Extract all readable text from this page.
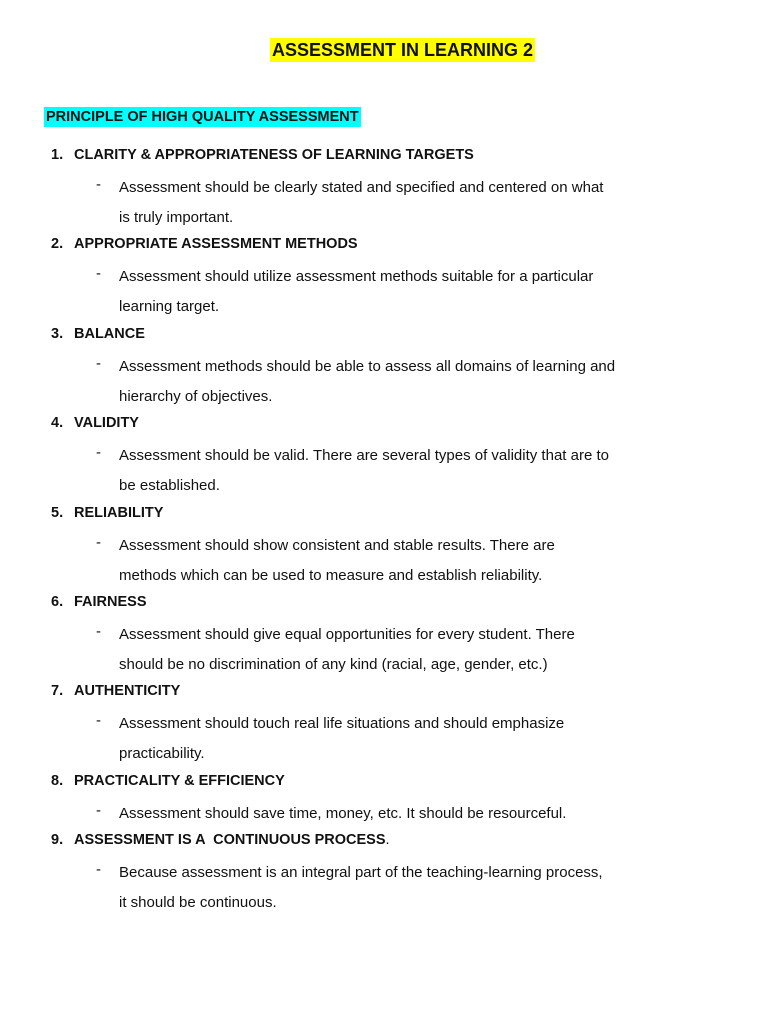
ASSESSMENT IN LEARNING 2
PRINCIPLE OF HIGH QUALITY ASSESSMENT
1. CLARITY & APPROPRIATENESS OF LEARNING TARGETS
- Assessment should be clearly stated and specified and centered on what
is truly important.
2. APPROPRIATE ASSESSMENT METHODS
- Assessment should utilize assessment methods suitable for a particular
learning target.
3. BALANCE
- Assessment methods should be able to assess all domains of learning and
hierarchy of objectives.
4. VALIDITY
- Assessment should be valid. There are several types of validity that are to
be established.
5. RELIABILITY
- Assessment should show consistent and stable results. There are
methods which can be used to measure and establish reliability.
6. FAIRNESS
- Assessment should give equal opportunities for every student. There
should be no discrimination of any kind (racial, age, gender, etc.)
7. AUTHENTICITY
- Assessment should touch real life situations and should emphasize
practicability.
8. PRACTICALITY & EFFICIENCY
- Assessment should save time, money, etc. It should be resourceful.
9. ASSESSMENT IS A  CONTINUOUS PROCESS.
- Because assessment is an integral part of the teaching-learning process,
it should be continuous.
